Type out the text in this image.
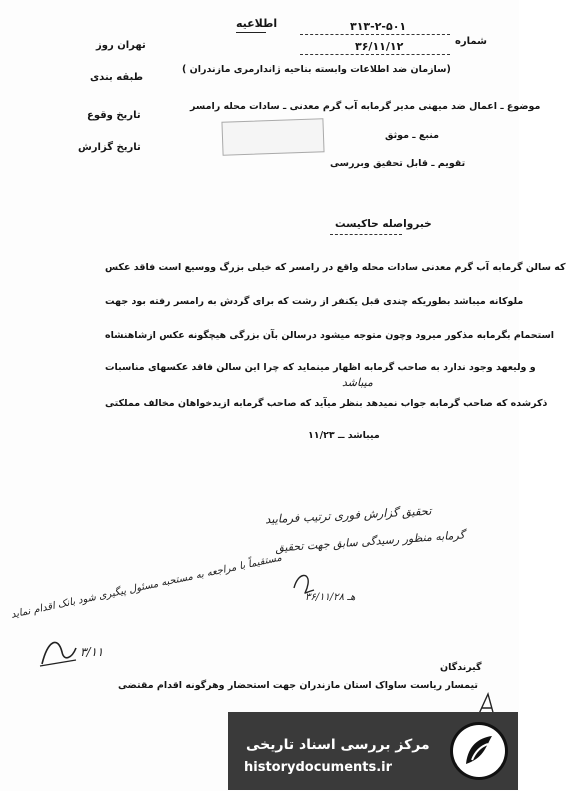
اطلاعیه
شماره
۳۱۳-۲-۵۰۱
۳۶/۱۱/۱۲
(سازمان ضد اطلاعات وابسته بناحیه ژاندارمری مازندران )
تهران روز
طبقه بندی
تاریخ وقوع
تاریخ گزارش
موضوع ـ اعمال ضد میهنی مدیر گرمابه آب گرم معدنی ـ سادات محله رامسر
منبع ـ موثق
تقویم ـ قابل تحقیق وبررسی
خبرواصله حاکیست
که سالن گرمابه آب گرم معدنی سادات محله واقع در رامسر که خیلی بزرگ ووسیع است فاقد عکس
ملوکانه میباشد بطوریکه چندی قبل یکنفر از رشت که برای گردش به رامسر رفته بود جهت
استحمام بگرمابه مذکور میرود وچون متوجه میشود درسالن بآن بزرگی هیچگونه عکس ازشاهنشاه
میباشد
و ولیعهد وجود ندارد به صاحب گرمابه اظهار مینماید که چرا این سالن فاقد عکسهای مناسبات
ذکرشده که صاحب گرمابه جواب نمیدهد بنظر میآید که صاحب گرمابه ازیدخواهان مخالف مملکتی
میباشد ــ ۱۱/۲۳
تحقیق گزارش فوری ترتیب فرمایید
گرمابه منظور رسیدگی سابق جهت تحقیق
هـ ۳۶/۱۱/۲۸
مستقیماً با مراجعه به مستحبه مسئول پیگیری شود بانک اقدام نماید
۳/۱۱
گیرندگان
تیمسار ریاست ساواک استان مازندران جهت استحضار وهرگونه اقدام مقتضی
مرکز بررسی اسناد تاریخی
historydocuments.ir
